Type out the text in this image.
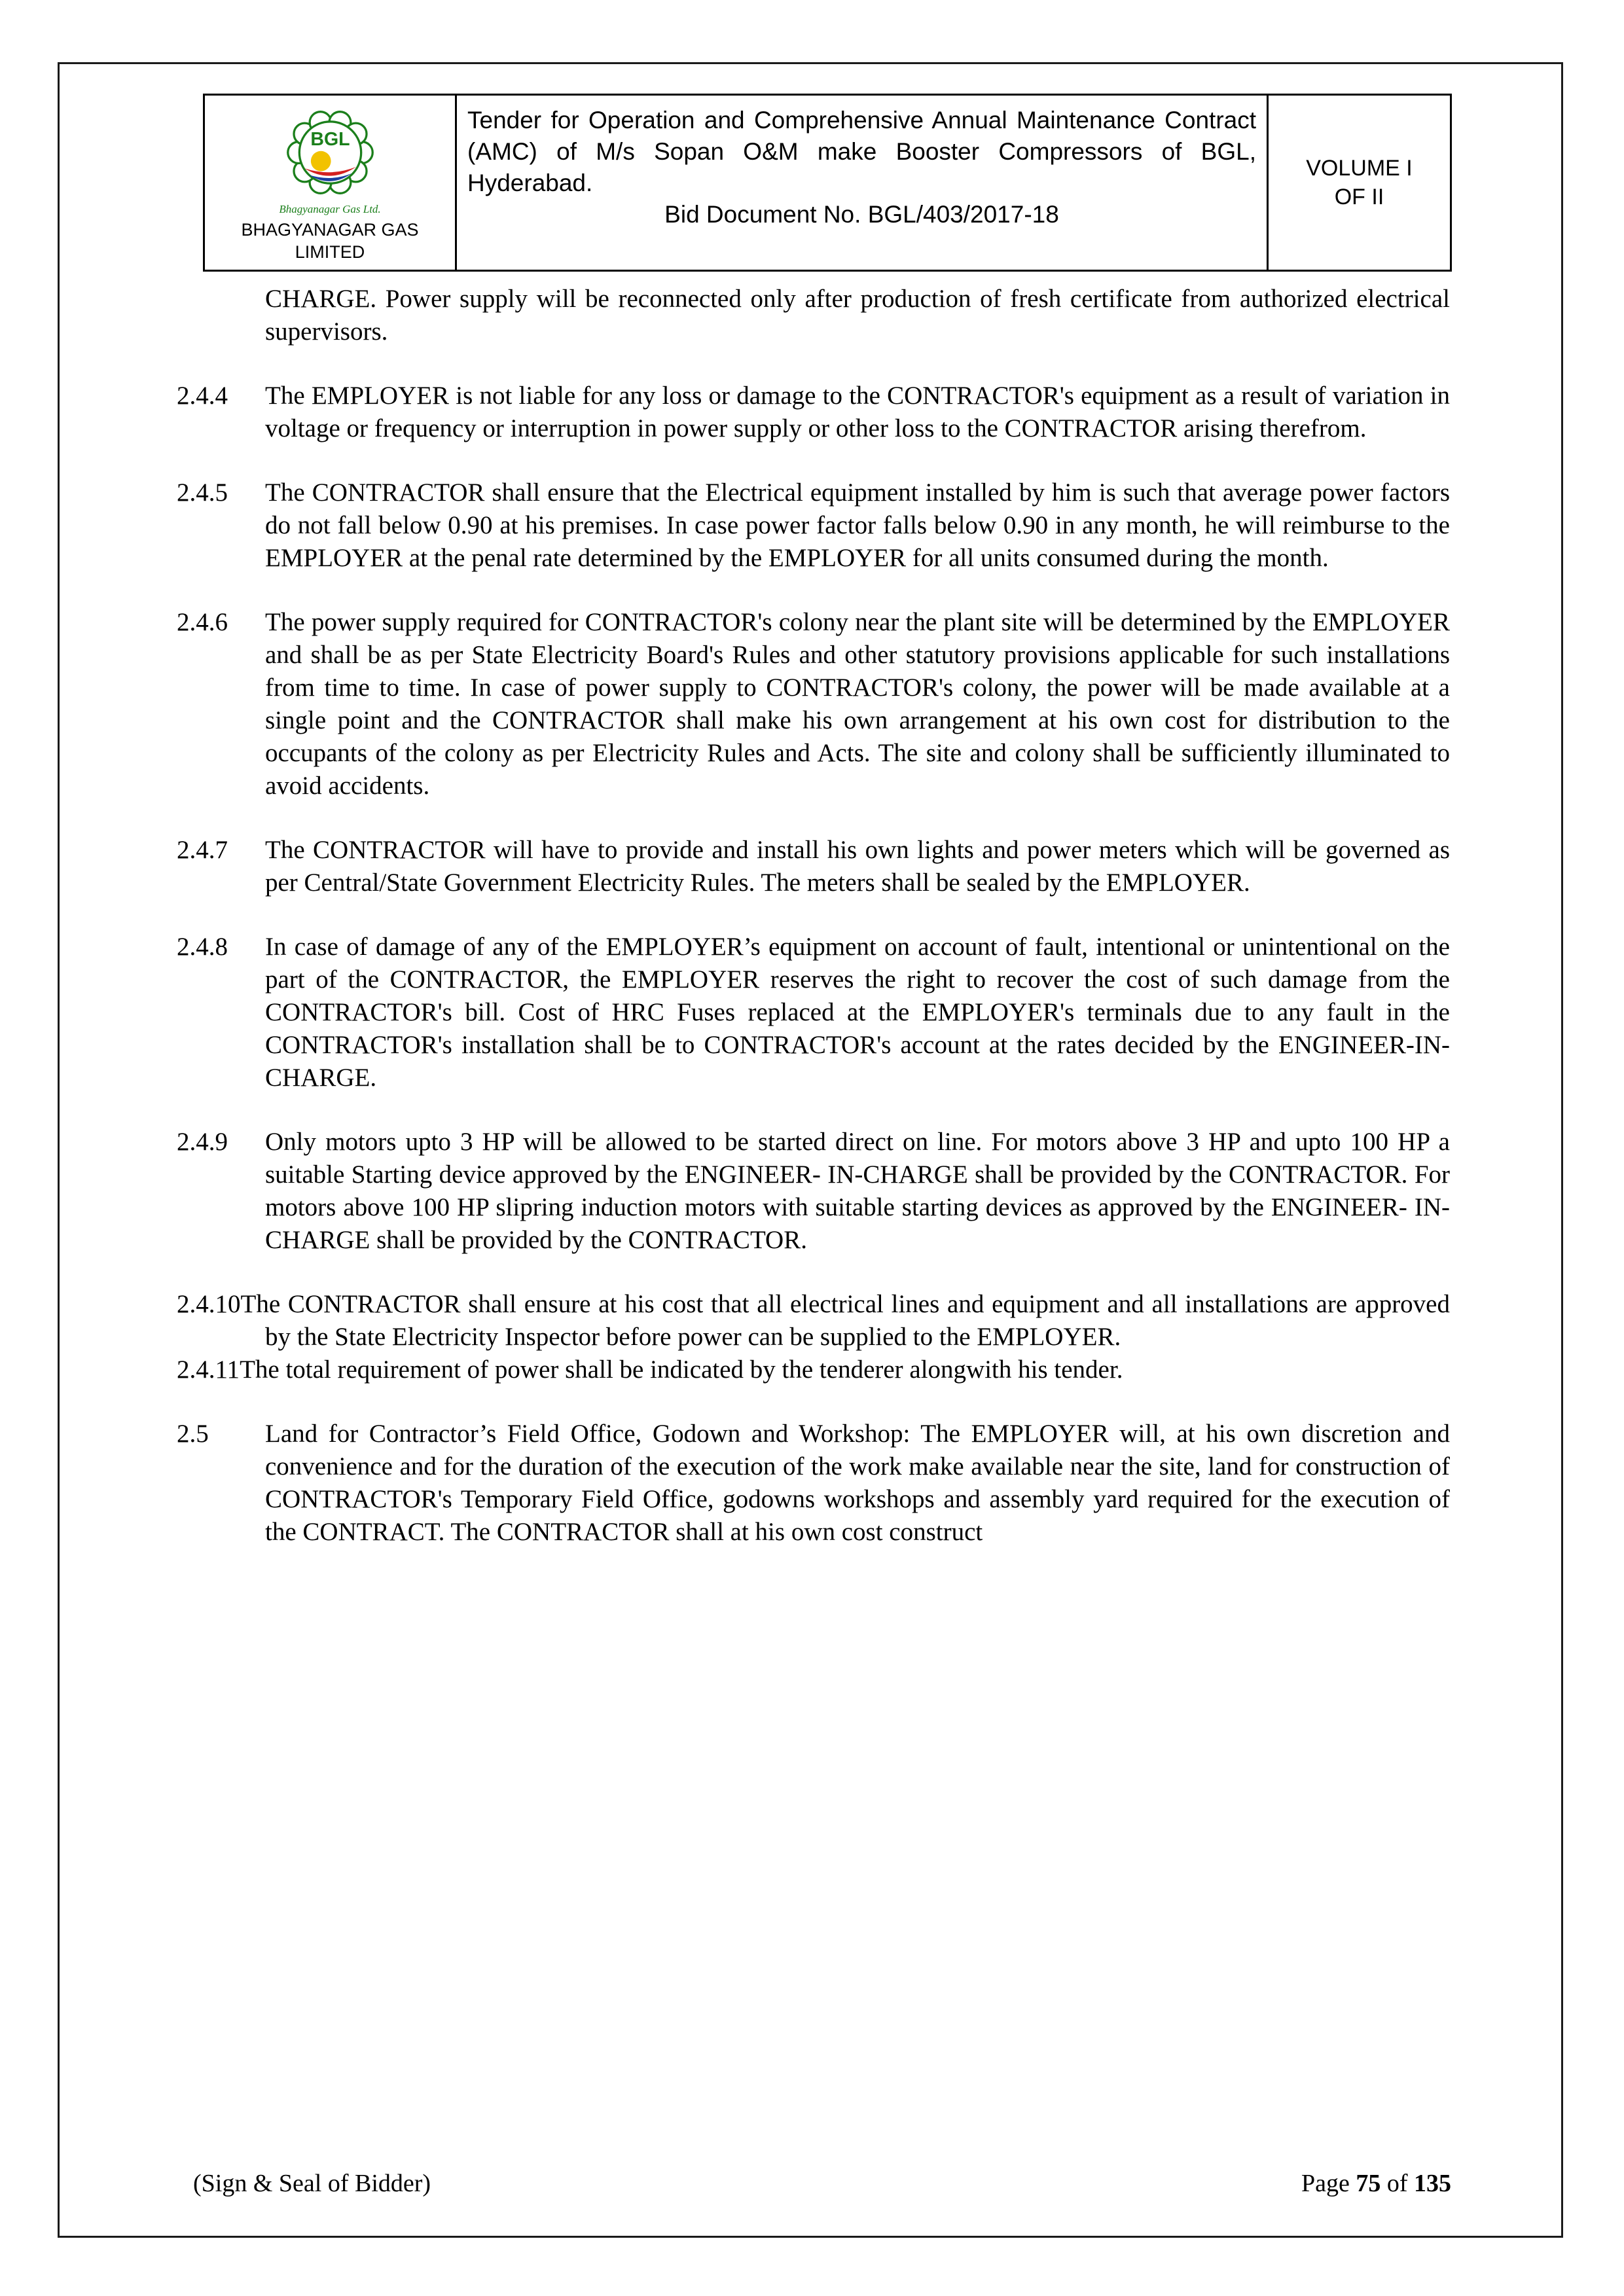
BGL
Bhagyanagar Gas Ltd.
BHAGYANAGAR GAS LIMITED

Tender for Operation and Comprehensive Annual Maintenance Contract (AMC) of M/s Sopan O&M make Booster Compressors of BGL, Hyderabad.

Bid Document No. BGL/403/2017-18

VOLUME I
OF II

CHARGE. Power supply will be reconnected only after production of fresh certificate from authorized electrical supervisors.

2.4.4 The EMPLOYER is not liable for any loss or damage to the CONTRACTOR's equipment as a result of variation in voltage or frequency or interruption in power supply or other loss to the CONTRACTOR arising therefrom.

2.4.5 The CONTRACTOR shall ensure that the Electrical equipment installed by him is such that average power factors do not fall below 0.90 at his premises. In case power factor falls below 0.90 in any month, he will reimburse to the EMPLOYER at the penal rate determined by the EMPLOYER for all units consumed during the month.

2.4.6 The power supply required for CONTRACTOR's colony near the plant site will be determined by the EMPLOYER and shall be as per State Electricity Board's Rules and other statutory provisions applicable for such installations from time to time. In case of power supply to CONTRACTOR's colony, the power will be made available at a single point and the CONTRACTOR shall make his own arrangement at his own cost for distribution to the occupants of the colony as per Electricity Rules and Acts. The site and colony shall be sufficiently illuminated to avoid accidents.

2.4.7 The CONTRACTOR will have to provide and install his own lights and power meters which will be governed as per Central/State Government Electricity Rules. The meters shall be sealed by the EMPLOYER.

2.4.8 In case of damage of any of the EMPLOYER’s equipment on account of fault, intentional or unintentional on the part of the CONTRACTOR, the EMPLOYER reserves the right to recover the cost of such damage from the CONTRACTOR's bill. Cost of HRC Fuses replaced at the EMPLOYER's terminals due to any fault in the CONTRACTOR's installation shall be to CONTRACTOR's account at the rates decided by the ENGINEER-IN-CHARGE.

2.4.9 Only motors upto 3 HP will be allowed to be started direct on line. For motors above 3 HP and upto 100 HP a suitable Starting device approved by the ENGINEER- IN-CHARGE shall be provided by the CONTRACTOR. For motors above 100 HP slipring induction motors with suitable starting devices as approved by the ENGINEER- IN-CHARGE shall be provided by the CONTRACTOR.

2.4.10The CONTRACTOR shall ensure at his cost that all electrical lines and equipment and all installations are approved by the State Electricity Inspector before power can be supplied to the EMPLOYER.

2.4.11The total requirement of power shall be indicated by the tenderer alongwith his tender.

2.5 Land for Contractor’s Field Office, Godown and Workshop: The EMPLOYER will, at his own discretion and convenience and for the duration of the execution of the work make available near the site, land for construction of CONTRACTOR's Temporary Field Office, godowns workshops and assembly yard required for the execution of the CONTRACT. The CONTRACTOR shall at his own cost construct

(Sign & Seal of Bidder)	Page 75 of 135
